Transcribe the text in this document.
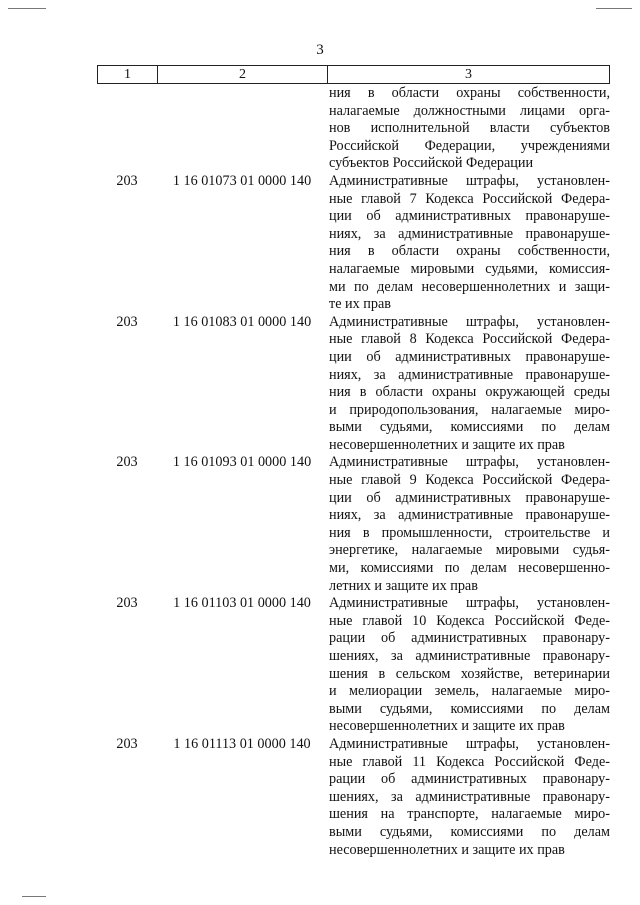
3
1	2	3
ния в области охраны собственности,
налагаемые должностными лицами орга-
нов исполнительной власти субъектов
Российской Федерации, учреждениями
субъектов Российской Федерации
203	1 16 01073 01 0000 140	Административные штрафы, установлен-
ные главой 7 Кодекса Российской Федера-
ции об административных правонаруше-
ниях, за административные правонаруше-
ния в области охраны собственности,
налагаемые мировыми судьями, комиссия-
ми по делам несовершеннолетних и защи-
те их прав
203	1 16 01083 01 0000 140	Административные штрафы, установлен-
ные главой 8 Кодекса Российской Федера-
ции об административных правонаруше-
ниях, за административные правонаруше-
ния в области охраны окружающей среды
и природопользования, налагаемые миро-
выми судьями, комиссиями по делам
несовершеннолетних и защите их прав
203	1 16 01093 01 0000 140	Административные штрафы, установлен-
ные главой 9 Кодекса Российской Федера-
ции об административных правонаруше-
ниях, за административные правонаруше-
ния в промышленности, строительстве и
энергетике, налагаемые мировыми судья-
ми, комиссиями по делам несовершенно-
летних и защите их прав
203	1 16 01103 01 0000 140	Административные штрафы, установлен-
ные главой 10 Кодекса Российской Феде-
рации об административных правонару-
шениях, за административные правонару-
шения в сельском хозяйстве, ветеринарии
и мелиорации земель, налагаемые миро-
выми судьями, комиссиями по делам
несовершеннолетних и защите их прав
203	1 16 01113 01 0000 140	Административные штрафы, установлен-
ные главой 11 Кодекса Российской Феде-
рации об административных правонару-
шениях, за административные правонару-
шения на транспорте, налагаемые миро-
выми судьями, комиссиями по делам
несовершеннолетних и защите их прав
